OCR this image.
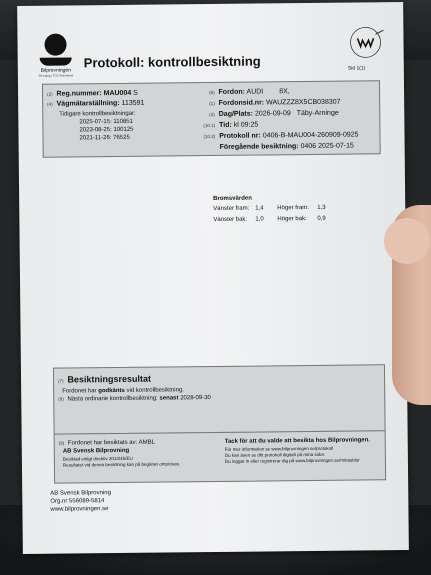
Bilprovningen
Ett bolag i TÜV Rheinland
Protokoll: kontrollbesiktning	Sid 1(1)
(2) Reg.nummer: MAU004 S
(4) Vägmätarställning: 113591
Tidigare kontrollbesiktningar:
2025-07-15: 110851
2023-08-25: 100125
2021-11-26: 76525
(5) Fordon: AUDI 8X,
(1) Fordonsid.nr: WAUZZZ8X5CB038307
(3) Dag/Plats: 2026-09-09 Täby-Arninge
(10.1) Tid: kl 09:25
(10.2) Protokoll nr: 0406-B-MAU004-260909-0925
Föregående besiktning: 0406 2025-07-15
Bromsvärden
Vänster fram: 1,4 Höger fram: 1,3
Vänster bak: 1,0 Höger bak: 0,9
(7) Besiktningsresultat
Fordonet har godkänts vid kontrollbesiktning.
(8) Nästa ordinarie kontrollbesiktning: senast 2028-09-30
(9) Fordonet har besiktats av: AMBL
AB Svensk Bilprovning
Besiktad enligt direktiv 2014/45/EU
Resultatet vid denna besiktning kan på begäran omprövas.
Tack för att du valde att besikta hos Bilprovningen.
För mer information se www.bilprovningen.se/protokoll
Du kan även se ditt protokoll digitalt på mina sidor.
Du loggar in eller registrerar dig på www.bilprovningen.se/minasidor
AB Svensk Bilprovning
Org.nr 556089-5814
www.bilprovningen.se
